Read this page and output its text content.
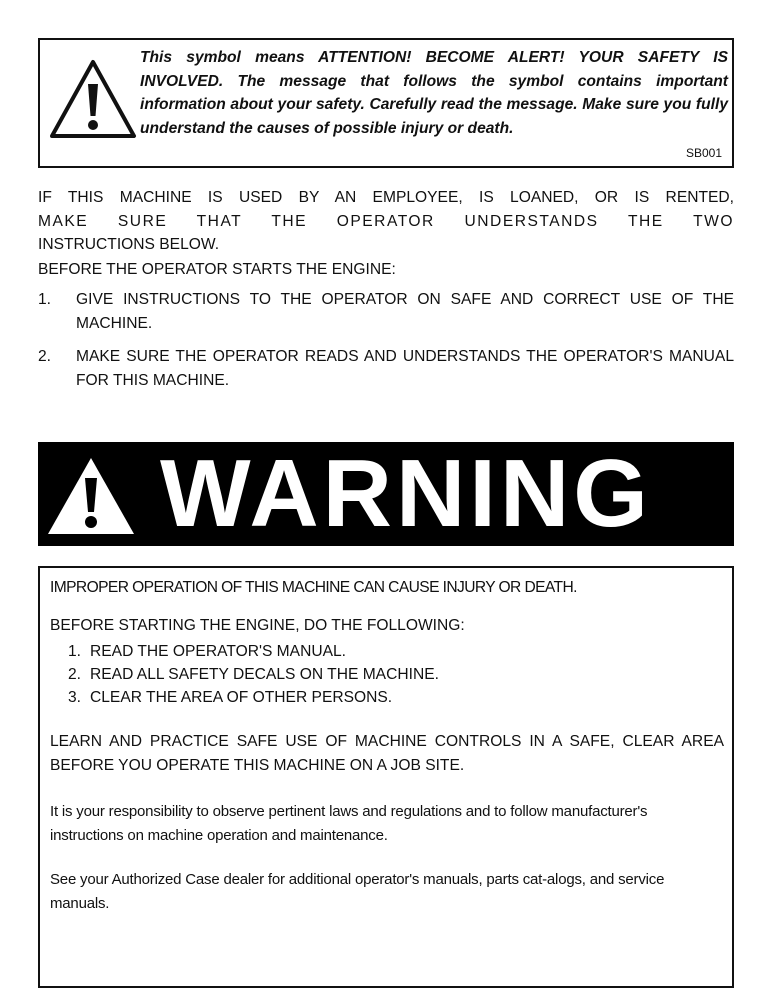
This symbol means ATTENTION! BECOME ALERT! YOUR SAFETY IS INVOLVED. The message that follows the symbol contains important information about your safety. Carefully read the message. Make sure you fully understand the causes of possible injury or death.
SB001
IF THIS MACHINE IS USED BY AN EMPLOYEE, IS LOANED, OR IS RENTED,
MAKE SURE THAT THE OPERATOR UNDERSTANDS THE TWO
INSTRUCTIONS BELOW.
BEFORE THE OPERATOR STARTS THE ENGINE:
1. GIVE INSTRUCTIONS TO THE OPERATOR ON SAFE AND CORRECT USE OF THE MACHINE.
2. MAKE SURE THE OPERATOR READS AND UNDERSTANDS THE OPERATOR'S MANUAL FOR THIS MACHINE.
WARNING
IMPROPER OPERATION OF THIS MACHINE CAN CAUSE INJURY OR DEATH.
BEFORE STARTING THE ENGINE, DO THE FOLLOWING:
1. READ THE OPERATOR'S MANUAL.
2. READ ALL SAFETY DECALS ON THE MACHINE.
3. CLEAR THE AREA OF OTHER PERSONS.
LEARN AND PRACTICE SAFE USE OF MACHINE CONTROLS IN A SAFE, CLEAR AREA BEFORE YOU OPERATE THIS MACHINE ON A JOB SITE.
It is your responsibility to observe pertinent laws and regulations and to follow manufacturer's instructions on machine operation and maintenance.
See your Authorized Case dealer for additional operator's manuals, parts cat-alogs, and service manuals.
